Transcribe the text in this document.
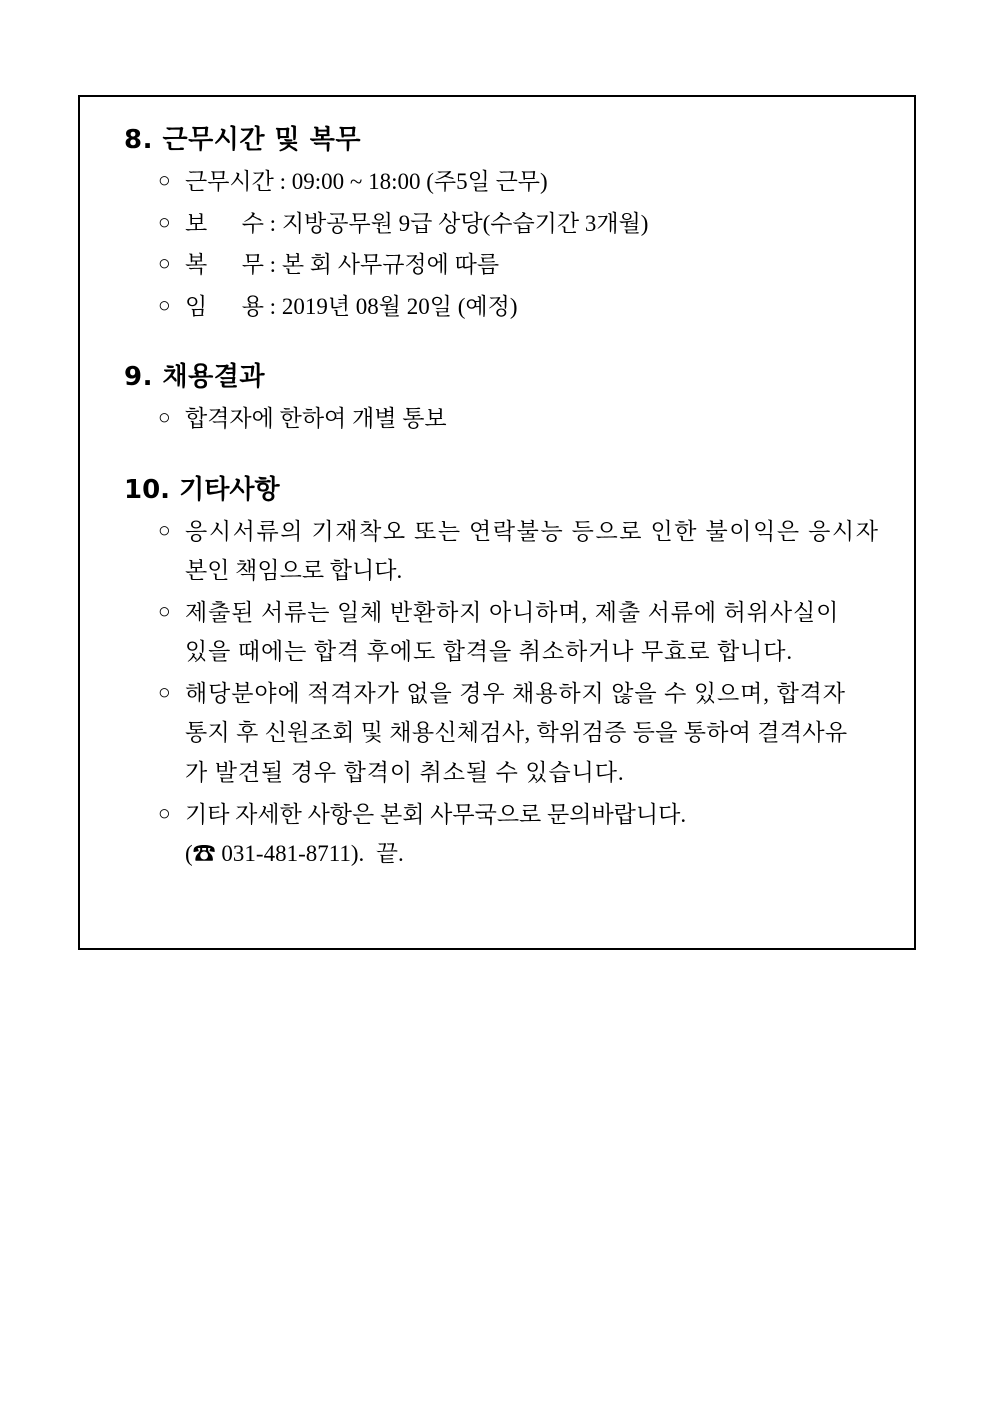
8. 근무시간 및 복무
○ 근무시간 : 09:00 ~ 18:00 (주5일 근무)
○ 보      수 : 지방공무원 9급 상당(수습기간 3개월)
○ 복      무 : 본 회 사무규정에 따름
○ 임      용 : 2019년 08월 20일 (예정)
9. 채용결과
○ 합격자에 한하여 개별 통보
10. 기타사항
○ 응시서류의 기재착오 또는 연락불능 등으로 인한 불이익은 응시자
본인 책임으로 합니다.
○ 제출된 서류는 일체 반환하지 아니하며, 제출 서류에 허위사실이
있을 때에는 합격 후에도 합격을 취소하거나 무효로 합니다.
○ 해당분야에 적격자가 없을 경우 채용하지 않을 수 있으며, 합격자
통지 후 신원조회 및 채용신체검사, 학위검증 등을 통하여 결격사유
가 발견될 경우 합격이 취소될 수 있습니다.
○ 기타 자세한 사항은 본회 사무국으로 문의바랍니다.
(☎ 031-481-8711).  끝.
